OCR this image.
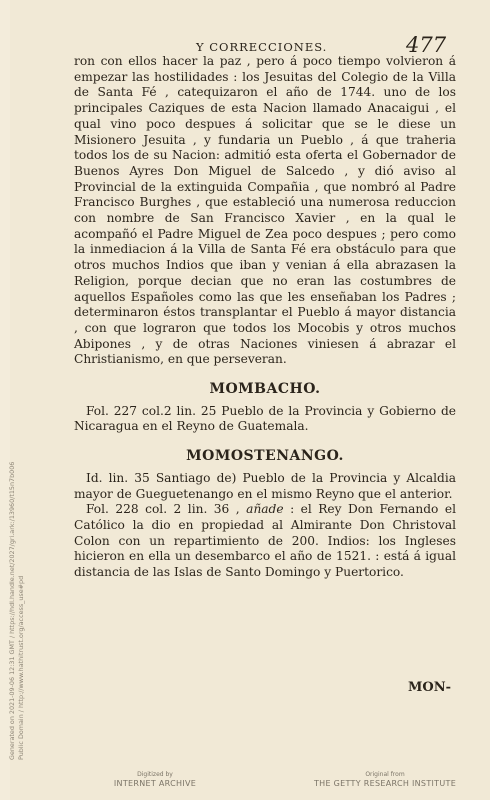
Generated on 2021-09-06 12:31 GMT / https://hdl.handle.net/2027/gri.ark:/13960/t15n7b006 Public Domain / http://www.hathitrust.org/access_use#pd
Y CORRECCIONES.	477

ron con ellos hacer la paz , pero á poco tiempo volvieron á empezar las hostilidades : los Jesuitas del Colegio de la Villa de Santa Fé , catequizaron el año de 1744. uno de los principales Caziques de esta Nacion llamado Anacaigui , el qual vino poco despues á solicitar que se le diese un Misionero Jesuita , y fundaria un Pueblo , á que traheria todos los de su Nacion: admitió esta oferta el Gobernador de Buenos Ayres Don Miguel de Salcedo , y dió aviso al Provincial de la extinguida Compañia , que nombró al Padre Francisco Burghes , que estableció una numerosa reduccion con nombre de San Francisco Xavier , en la qual le acompañó el Padre Miguel de Zea poco despues ; pero como la inmediacion á la Villa de Santa Fé era obstáculo para que otros muchos Indios que iban y venian á ella abrazasen la Religion, porque decian que no eran las costumbres de aquellos Españoles como las que les enseñaban los Padres ; determinaron éstos transplantar el Pueblo á mayor distancia , con que lograron que todos los Mocobis y otros muchos Abipones , y de otras Naciones viniesen á abrazar el Christianismo, en que perseveran.

MOMBACHO.

Fol. 227 col.2 lin. 25 Pueblo de la Provincia y Gobierno de Nicaragua en el Reyno de Guatemala.

MOMOSTENANGO.

Id. lin. 35 Santiago de) Pueblo de la Provincia y Alcaldia mayor de Gueguetenango en el mismo Reyno que el anterior.

Fol. 228 col. 2 lin. 36 , añade : el Rey Don Fernando el Católico la dio en propiedad al Almirante Don Christoval Colon con un repartimiento de 200. Indios: los Ingleses hicieron en ella un desembarco el año de 1521. : está á igual distancia de las Islas de Santo Domingo y Puertorico.

MON-
Digitized by
INTERNET ARCHIVE
Original from
THE GETTY RESEARCH INSTITUTE
